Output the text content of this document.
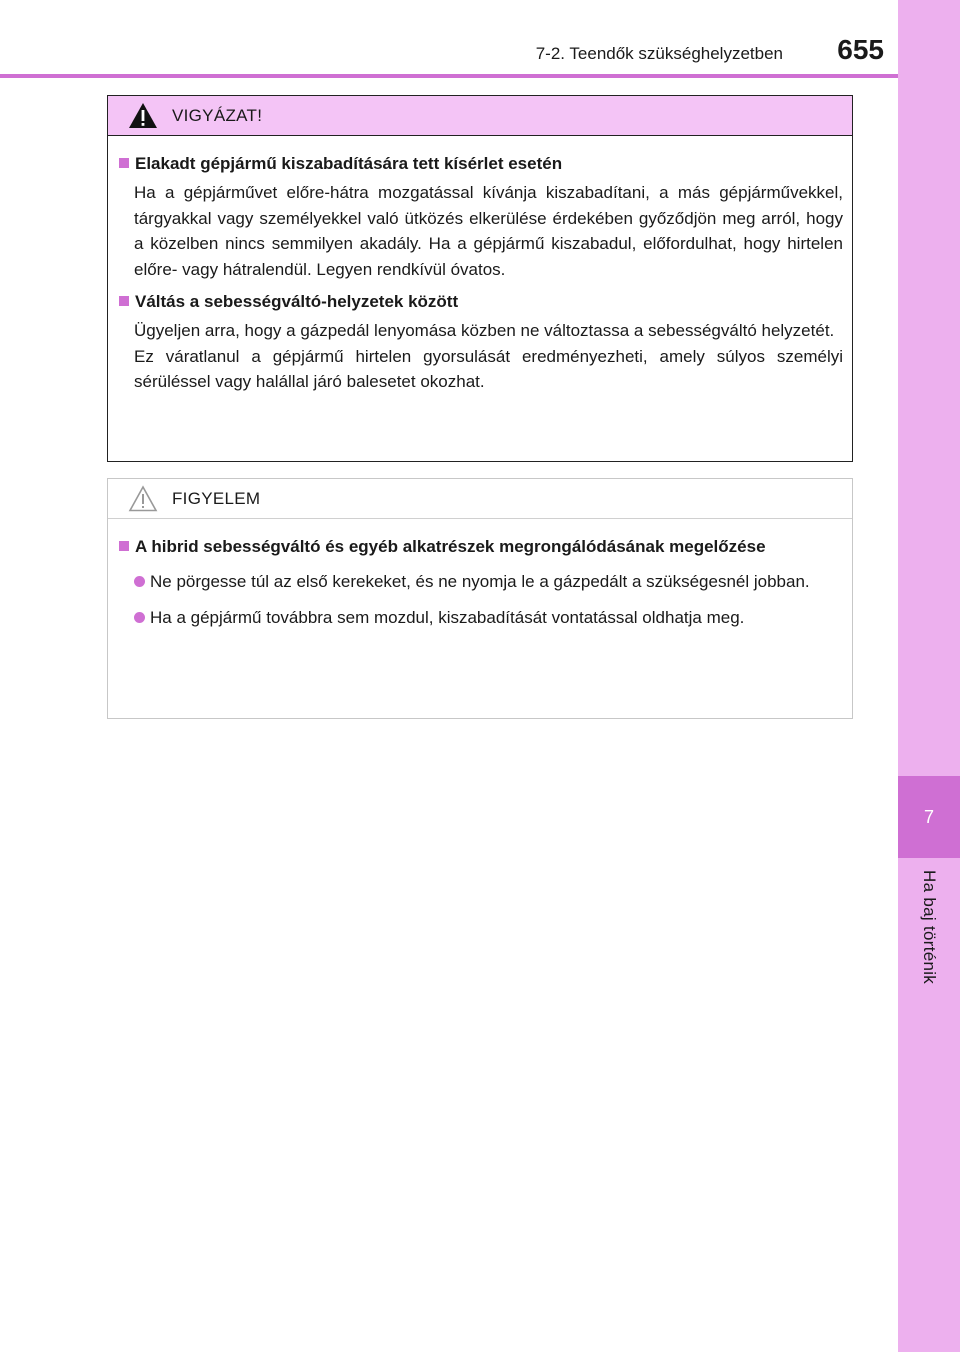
7-2. Teendők szükséghelyzetben 655
7
Ha baj történik
VIGYÁZAT!
Elakadt gépjármű kiszabadítására tett kísérlet esetén

Ha a gépjárművet előre-hátra mozgatással kívánja kiszabadítani, a más gépjárművekkel, tárgyakkal vagy személyekkel való ütközés elkerülése érdekében győződjön meg arról, hogy a közelben nincs semmilyen akadály. Ha a gépjármű kiszabadul, előfordulhat, hogy hirtelen előre- vagy hátralendül. Legyen rendkívül óvatos.

Váltás a sebességváltó-helyzetek között

Ügyeljen arra, hogy a gázpedál lenyomása közben ne változtassa a sebességváltó helyzetét.

Ez váratlanul a gépjármű hirtelen gyorsulását eredményezheti, amely súlyos személyi sérüléssel vagy halállal járó balesetet okozhat.

FIGYELEM
A hibrid sebességváltó és egyéb alkatrészek megrongálódásának megelőzése
Ne pörgesse túl az első kerekeket, és ne nyomja le a gázpedált a szükségesnél jobban.
Ha a gépjármű továbbra sem mozdul, kiszabadítását vontatással oldhatja meg.
